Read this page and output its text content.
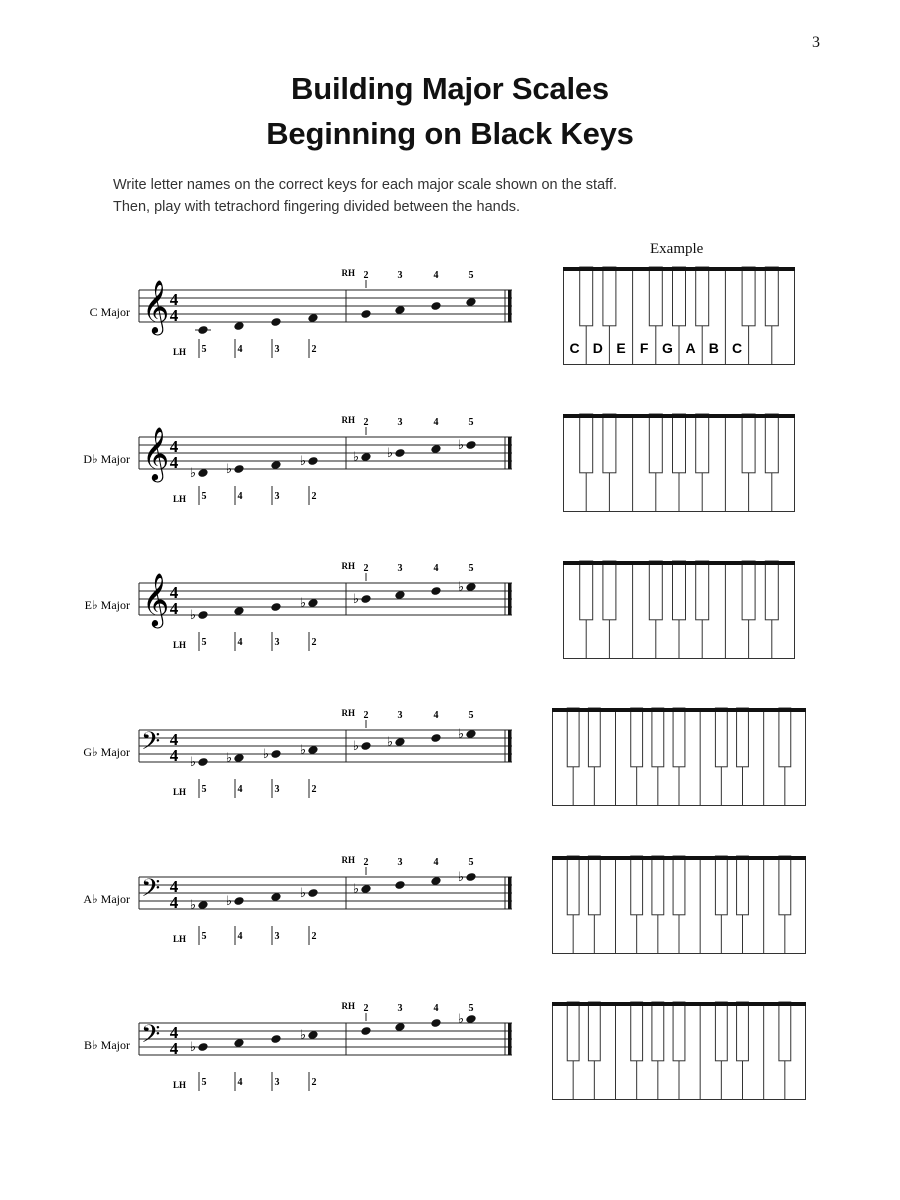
3
Building Major Scales
Beginning on Black Keys

Write letter names on the correct keys for each major scale shown on the staff.

Then, play with tetrachord fingering divided between the hands.

Example
C Major 𝄞 4
4
LH 5	4	3	2
RH 2	3	4	5
D♭ Major 𝄞 4
4
♭ ♭
♭	♭ ♭
♭
LH 5	4	3	2
RH 2	3	4	5
E♭ Major 𝄞 4
4 ♭
♭	♭
♭
LH 5	4	3	2
RH 2	3	4	5
G♭ Major 𝄢 4
4 ♭ ♭ ♭ ♭	♭ ♭
♭
LH 5	4	3	2
RH 2	3	4	5
A♭ Major 𝄢 4
4 ♭ ♭
♭	♭
♭
LH 5	4	3	2
RH 2	3	4	5
B♭ Major 𝄢 4
4 ♭
♭
♭
LH 5	4	3	2
RH 2	3	4	5
C D E F G A B C
